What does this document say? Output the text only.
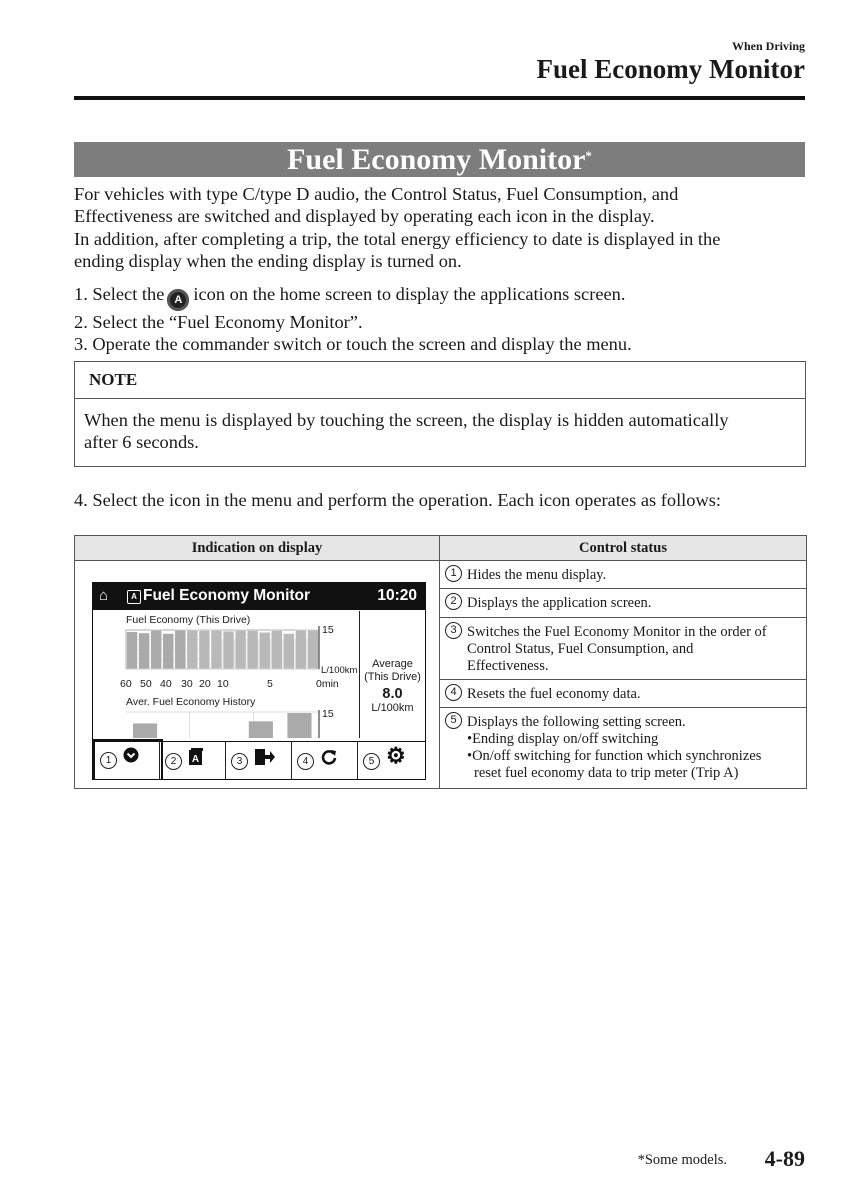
When Driving
Fuel Economy Monitor
Fuel Economy Monitor*
For vehicles with type C/type D audio, the Control Status, Fuel Consumption, and
Effectiveness are switched and displayed by operating each icon in the display.
In addition, after completing a trip, the total energy efficiency to date is displayed in the
ending display when the ending display is turned on.
1. Select the A icon on the home screen to display the applications screen.
2. Select the “Fuel Economy Monitor”.
3. Operate the commander switch or touch the screen and display the menu.
NOTE
When the menu is displayed by touching the screen, the display is hidden automatically
after 6 seconds.
4. Select the icon in the menu and perform the operation. Each icon operates as follows:
Indication on display	Control status
⌂	A Fuel Economy Monitor	10:20
Fuel Economy (This Drive)
15
L/100km
60 50 40 30 20 10	5	0min
Aver. Fuel Economy History
15
Average
(This Drive)
8.0
L/100km
1	2	A	3	4	5 ⚙
1 Hides the menu display.
2 Displays the application screen.
3 Switches the Fuel Economy Monitor in the order of
Control Status, Fuel Consumption, and
Effectiveness.
4 Resets the fuel economy data.
5 Displays the following setting screen.
•Ending display on/off switching
•On/off switching for function which synchronizes
reset fuel economy data to trip meter (Trip A)
*Some models. 4-89
